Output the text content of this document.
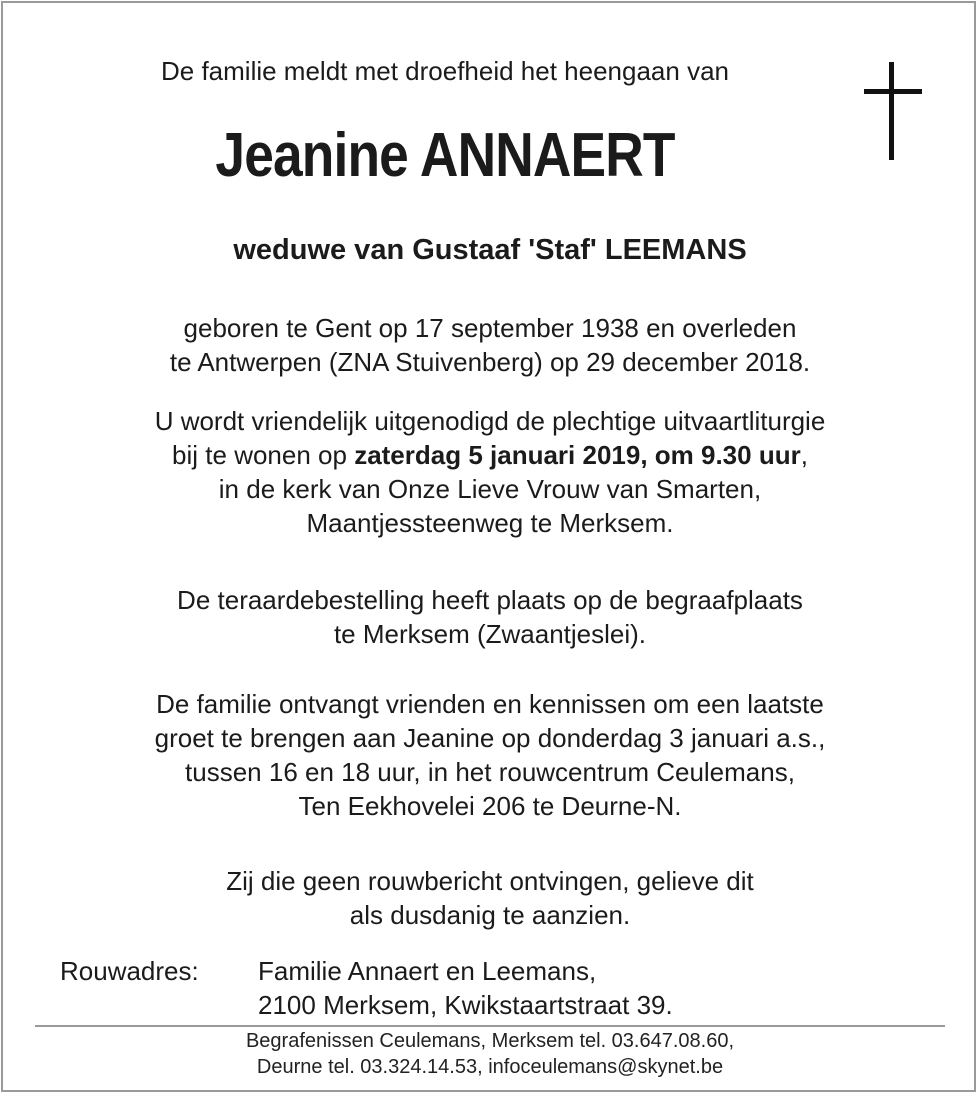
De familie meldt met droefheid het heengaan van
Jeanine ANNAERT
weduwe van Gustaaf 'Staf' LEEMANS
geboren te Gent op 17 september 1938 en overleden
te Antwerpen (ZNA Stuivenberg) op 29 december 2018.
U wordt vriendelijk uitgenodigd de plechtige uitvaartliturgie
bij te wonen op zaterdag 5 januari 2019, om 9.30 uur,
in de kerk van Onze Lieve Vrouw van Smarten,
Maantjessteenweg te Merksem.
De teraardebestelling heeft plaats op de begraafplaats
te Merksem (Zwaantjeslei).
De familie ontvangt vrienden en kennissen om een laatste
groet te brengen aan Jeanine op donderdag 3 januari a.s.,
tussen 16 en 18 uur, in het rouwcentrum Ceulemans,
Ten Eekhovelei 206 te Deurne-N.
Zij die geen rouwbericht ontvingen, gelieve dit
als dusdanig te aanzien.
Rouwadres: Familie Annaert en Leemans,
2100 Merksem, Kwikstaartstraat 39.
Begrafenissen Ceulemans, Merksem tel. 03.647.08.60,
Deurne tel. 03.324.14.53, infoceulemans@skynet.be
